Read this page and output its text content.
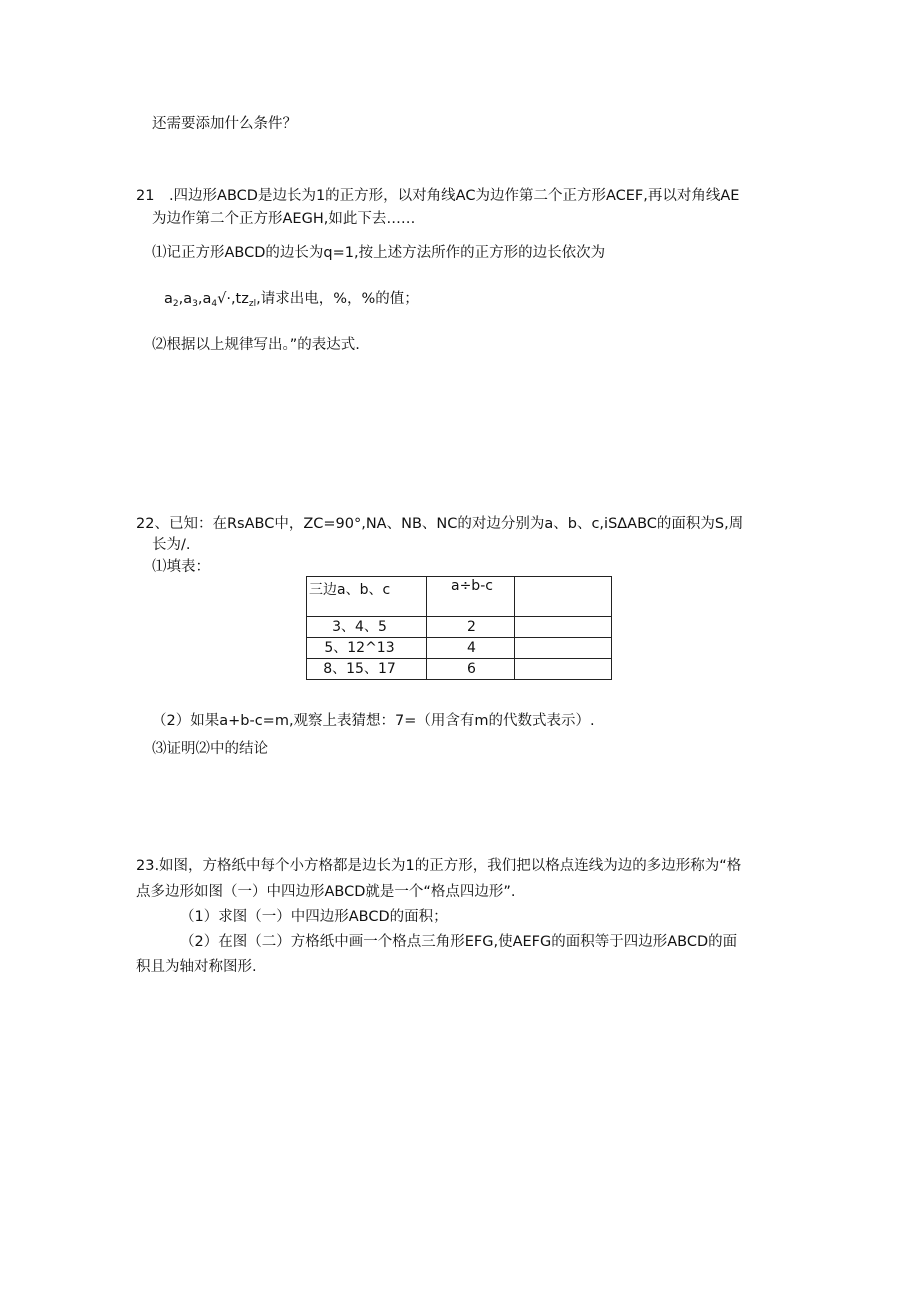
还需要添加什么条件？
21　.四边形ABCD是边长为1的正方形，以对角线AC为边作第二个正方形ACEF,再以对角线AE
为边作第二个正方形AEGH,如此下去……
⑴记正方形ABCD的边长为q=1,按上述方法所作的正方形的边长依次为
$a_2,a_3,a_4√\cdot,tz_{zl}$,请求出电，%，%的值；
⑵根据以上规律写出。”的表达式.
22、已知：在RsABC中，ZC=90°,NA、NB、NC的对边分别为a、b、c,iSΔABC的面积为S,周
长为/.
⑴填表：
三边a、b、c	a÷b-c	

3、4、5	2	

5、12^13	4	

8、15、17	6	

（2）如果a+b-c=m,观察上表猜想：7=（用含有m的代数式表示）.
⑶证明⑵中的结论
23.如图，方格纸中每个小方格都是边长为1的正方形，我们把以格点连线为边的多边形称为“格
点多边形如图（一）中四边形ABCD就是一个“格点四边形”.
（1）求图（一）中四边形ABCD的面积；
（2）在图（二）方格纸中画一个格点三角形EFG,使AEFG的面积等于四边形ABCD的面
积且为轴对称图形.
